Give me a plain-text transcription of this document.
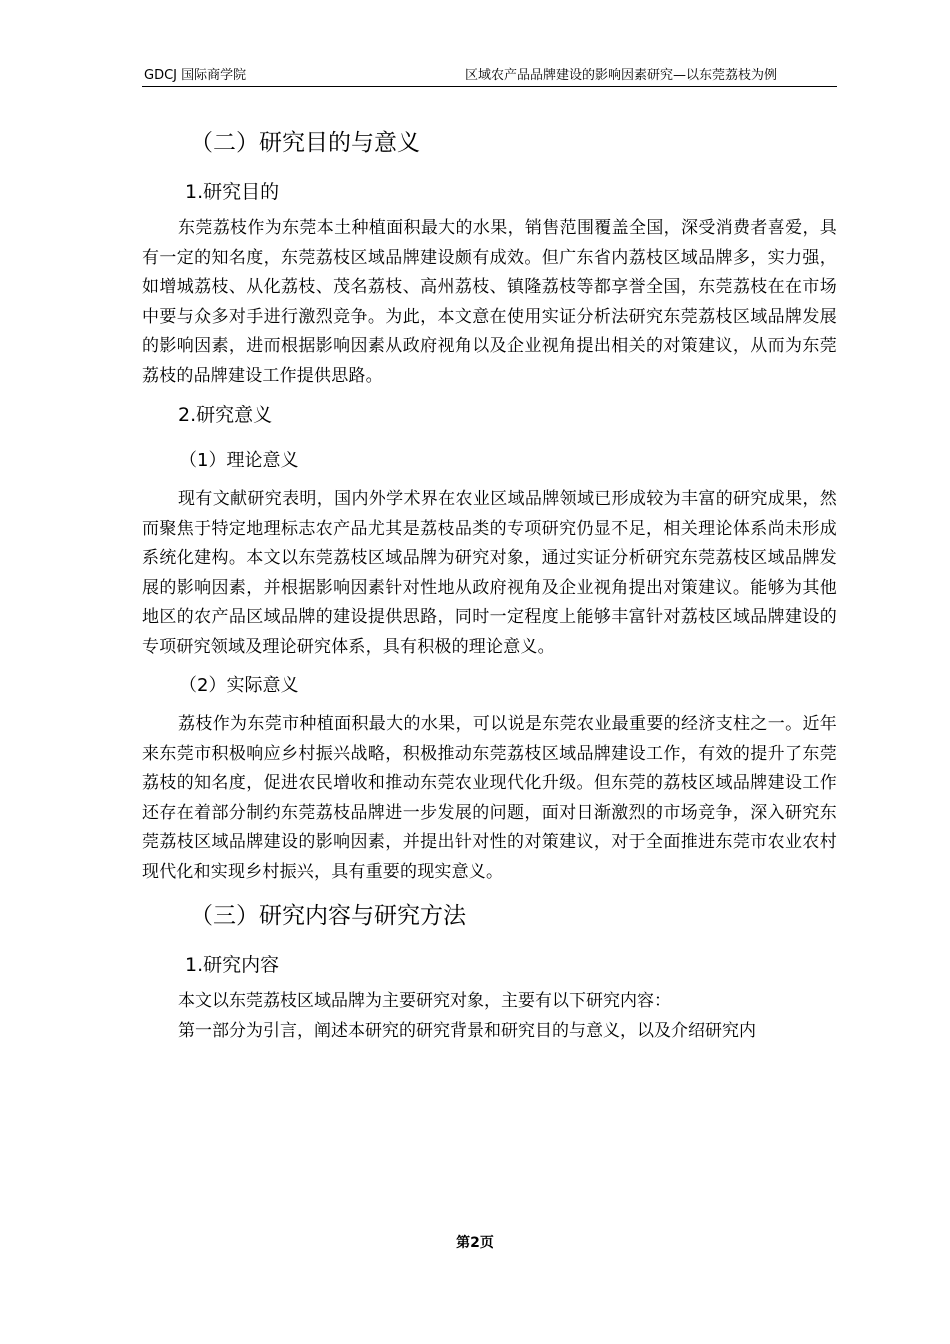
GDCJ 国际商学院	区域农产品品牌建设的影响因素研究—以东莞荔枝为例
（二）研究目的与意义
1.研究目的

东莞荔枝作为东莞本土种植面积最大的水果，销售范围覆盖全国，深受消费者喜爱，具有一定的知名度，东莞荔枝区域品牌建设颇有成效。但广东省内荔枝区域品牌多，实力强，如增城荔枝、从化荔枝、茂名荔枝、高州荔枝、镇隆荔枝等都享誉全国，东莞荔枝在在市场中要与众多对手进行激烈竞争。为此，本文意在使用实证分析法研究东莞荔枝区域品牌发展的影响因素，进而根据影响因素从政府视角以及企业视角提出相关的对策建议，从而为东莞荔枝的品牌建设工作提供思路。

2.研究意义
（1）理论意义

现有文献研究表明，国内外学术界在农业区域品牌领域已形成较为丰富的研究成果，然而聚焦于特定地理标志农产品尤其是荔枝品类的专项研究仍显不足，相关理论体系尚未形成系统化建构。本文以东莞荔枝区域品牌为研究对象，通过实证分析研究东莞荔枝区域品牌发展的影响因素，并根据影响因素针对性地从政府视角及企业视角提出对策建议。能够为其他地区的农产品区域品牌的建设提供思路，同时一定程度上能够丰富针对荔枝区域品牌建设的专项研究领域及理论研究体系，具有积极的理论意义。

（2）实际意义

荔枝作为东莞市种植面积最大的水果，可以说是东莞农业最重要的经济支柱之一。近年来东莞市积极响应乡村振兴战略，积极推动东莞荔枝区域品牌建设工作，有效的提升了东莞荔枝的知名度，促进农民增收和推动东莞农业现代化升级。但东莞的荔枝区域品牌建设工作还存在着部分制约东莞荔枝品牌进一步发展的问题，面对日渐激烈的市场竞争，深入研究东莞荔枝区域品牌建设的影响因素，并提出针对性的对策建议，对于全面推进东莞市农业农村现代化和实现乡村振兴，具有重要的现实意义。

（三）研究内容与研究方法
1.研究内容

本文以东莞荔枝区域品牌为主要研究对象，主要有以下研究内容：

第一部分为引言，阐述本研究的研究背景和研究目的与意义，以及介绍研究内

第2页
